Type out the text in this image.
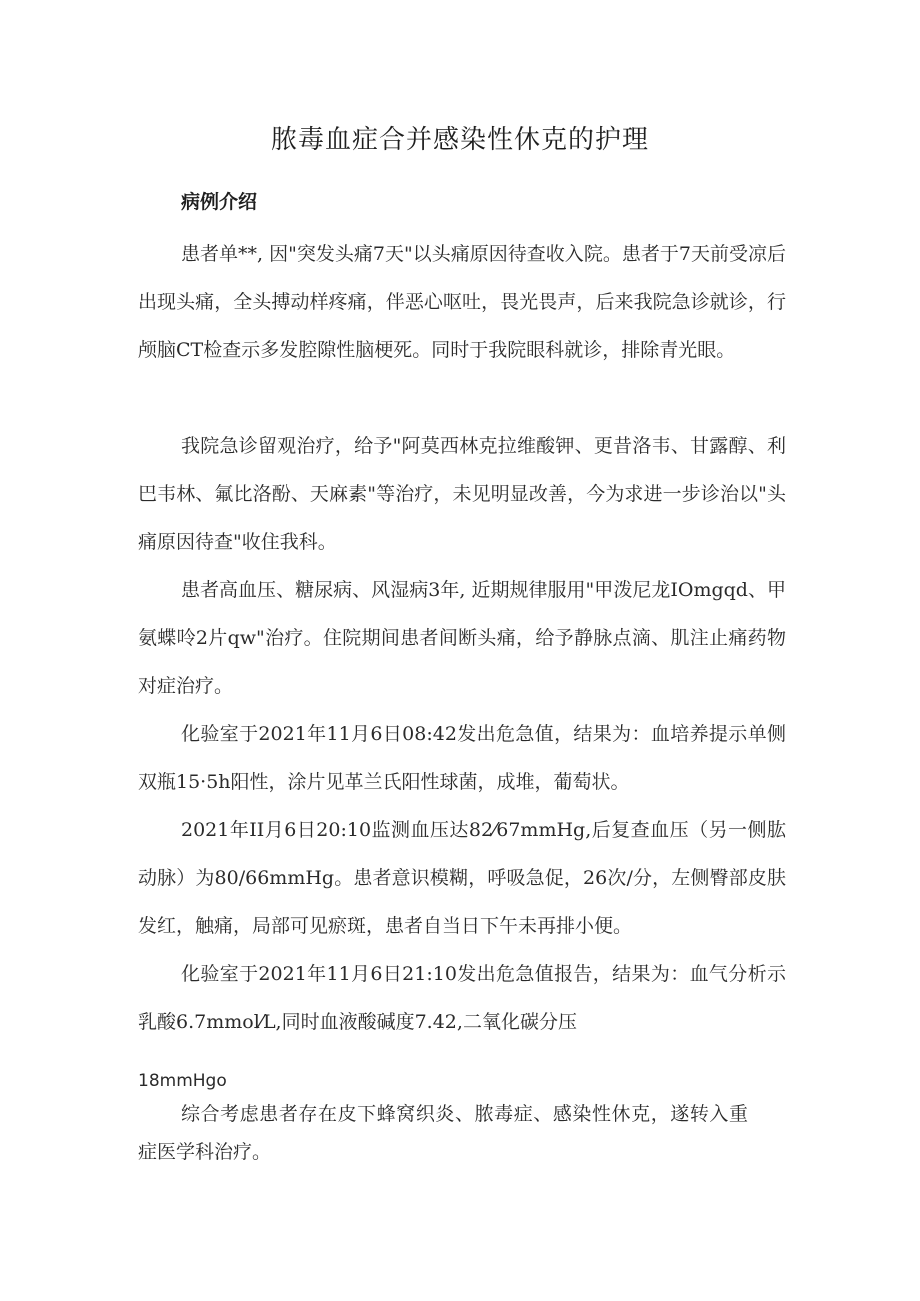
脓毒血症合并感染性休克的护理
病例介绍

患者单**, 因"突发头痛7天"以头痛原因待查收入院。患者于7天前受凉后出现头痛，全头搏动样疼痛，伴恶心呕吐，畏光畏声，后来我院急诊就诊，行颅脑CT检查示多发腔隙性脑梗死。同时于我院眼科就诊，排除青光眼。

我院急诊留观治疗，给予"阿莫西林克拉维酸钾、更昔洛韦、甘露醇、利巴韦林、氟比洛酚、天麻素"等治疗，未见明显改善，今为求进一步诊治以"头痛原因待查"收住我科。

患者高血压、糖尿病、风湿病3年, 近期规律服用"甲泼尼龙IOmgqd、甲氨蝶呤2片qw"治疗。住院期间患者间断头痛，给予静脉点滴、肌注止痛药物对症治疗。

化验室于2021年11月6日08:42发出危急值，结果为：血培养提示单侧双瓶15·5h阳性，涂片见革兰氏阳性球菌，成堆，葡萄状。

2021年II月6日20:10监测血压达82⁄67mmHg,后复查血压（另一侧肱动脉）为80/66mmHg。患者意识模糊，呼吸急促，26次/分，左侧臀部皮肤发红，触痛，局部可见瘀斑，患者自当日下午未再排小便。

化验室于2021年11月6日21:10发出危急值报告，结果为：血气分析示乳酸6.7mmol⁄L,同时血液酸碱度7.42,二氧化碳分压

18mmHgo

综合考虑患者存在皮下蜂窝织炎、脓毒症、感染性休克，遂转入重症医学科治疗。
